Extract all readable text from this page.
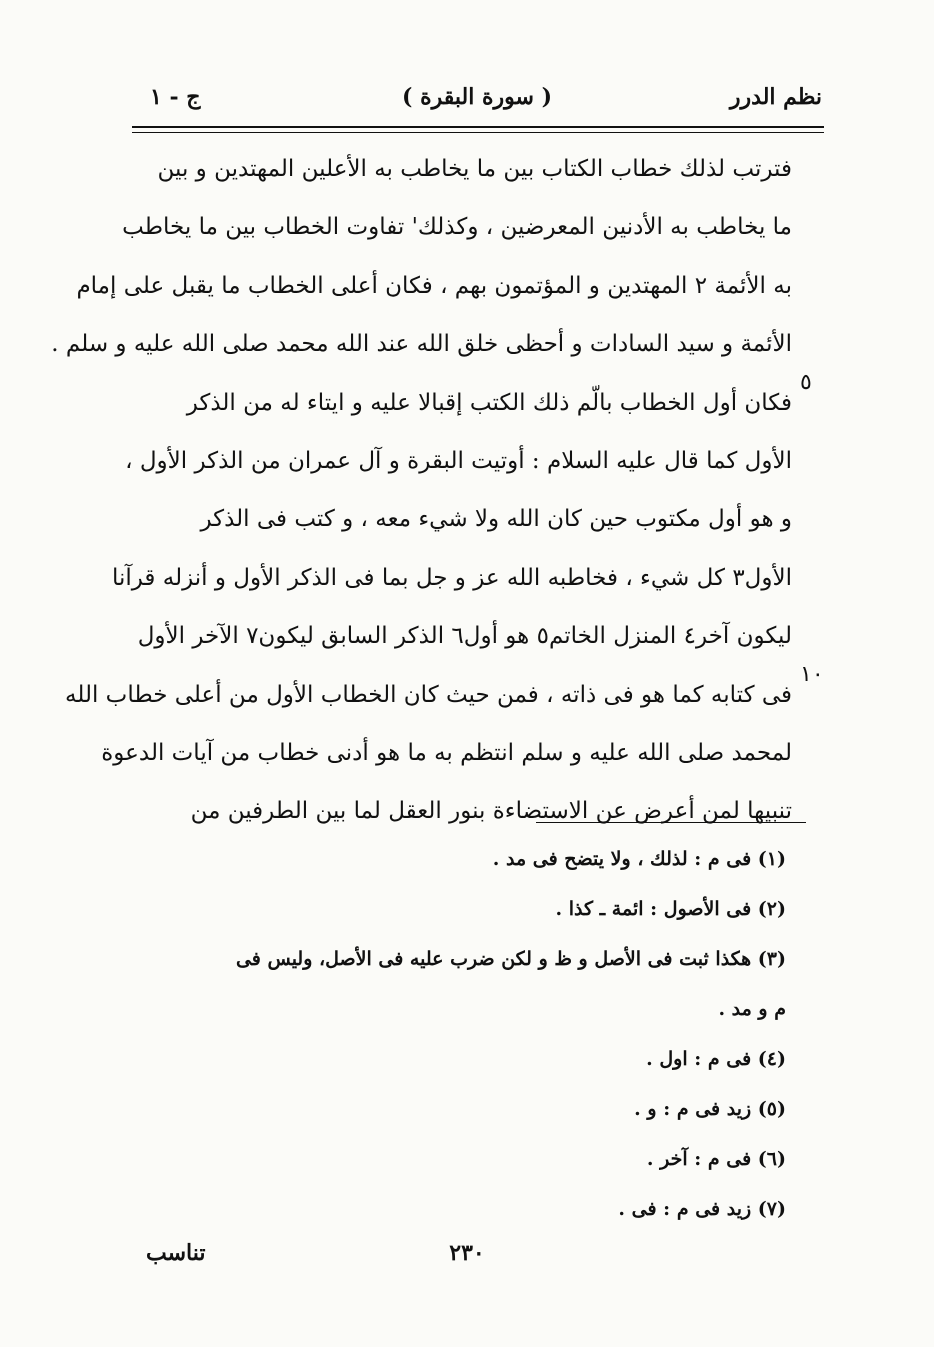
نظم الدرر
( سورة البقرة )
ج - ١
فترتب لذلك خطاب الكتاب بين ما يخاطب به الأعلين المهتدين و بين
ما يخاطب به الأدنين المعرضين ، وكذلك' تفاوت الخطاب بين ما يخاطب
به الأئمة ٢ المهتدين و المؤتمون بهم ، فكان أعلى الخطاب ما يقبل على إمام
الأئمة و سيد السادات و أحظى خلق الله عند الله محمد صلى الله عليه و سلم .
فكان أول الخطاب بالّم ذلك الكتب إقبالا عليه و ايتاء له من الذكر
الأول كما قال عليه السلام : أوتيت البقرة و آل عمران من الذكر الأول ،
و هو أول مكتوب حين كان الله ولا شيء معه ، و كتب فى الذكر
الأول٣ كل شيء ، فخاطبه الله عز و جل بما فى الذكر الأول و أنزله قرآنا
ليكون آخر٤ المنزل الخاتم٥ هو أول٦ الذكر السابق ليكون٧ الآخر الأول
فى كتابه كما هو فى ذاته ، فمن حيث كان الخطاب الأول من أعلى خطاب الله
لمحمد صلى الله عليه و سلم انتظم به ما هو أدنى خطاب من آيات الدعوة
تنبيها لمن أعرض عن الاستضاءة بنور العقل لما بين الطرفين من
٥
١٠
(١) فى م : لذلك ، ولا يتضح فى مد .
(٢) فى الأصول : ائمة ـ كذا .
(٣) هكذا ثبت فى الأصل و ظ و لكن ضرب عليه فى الأصل، وليس فى
م و مد .
(٤) فى م : اول .
(٥) زيد فى م : و .
(٦) فى م : آخر .
(٧) زيد فى م : فى .
تناسب	٢٣٠
